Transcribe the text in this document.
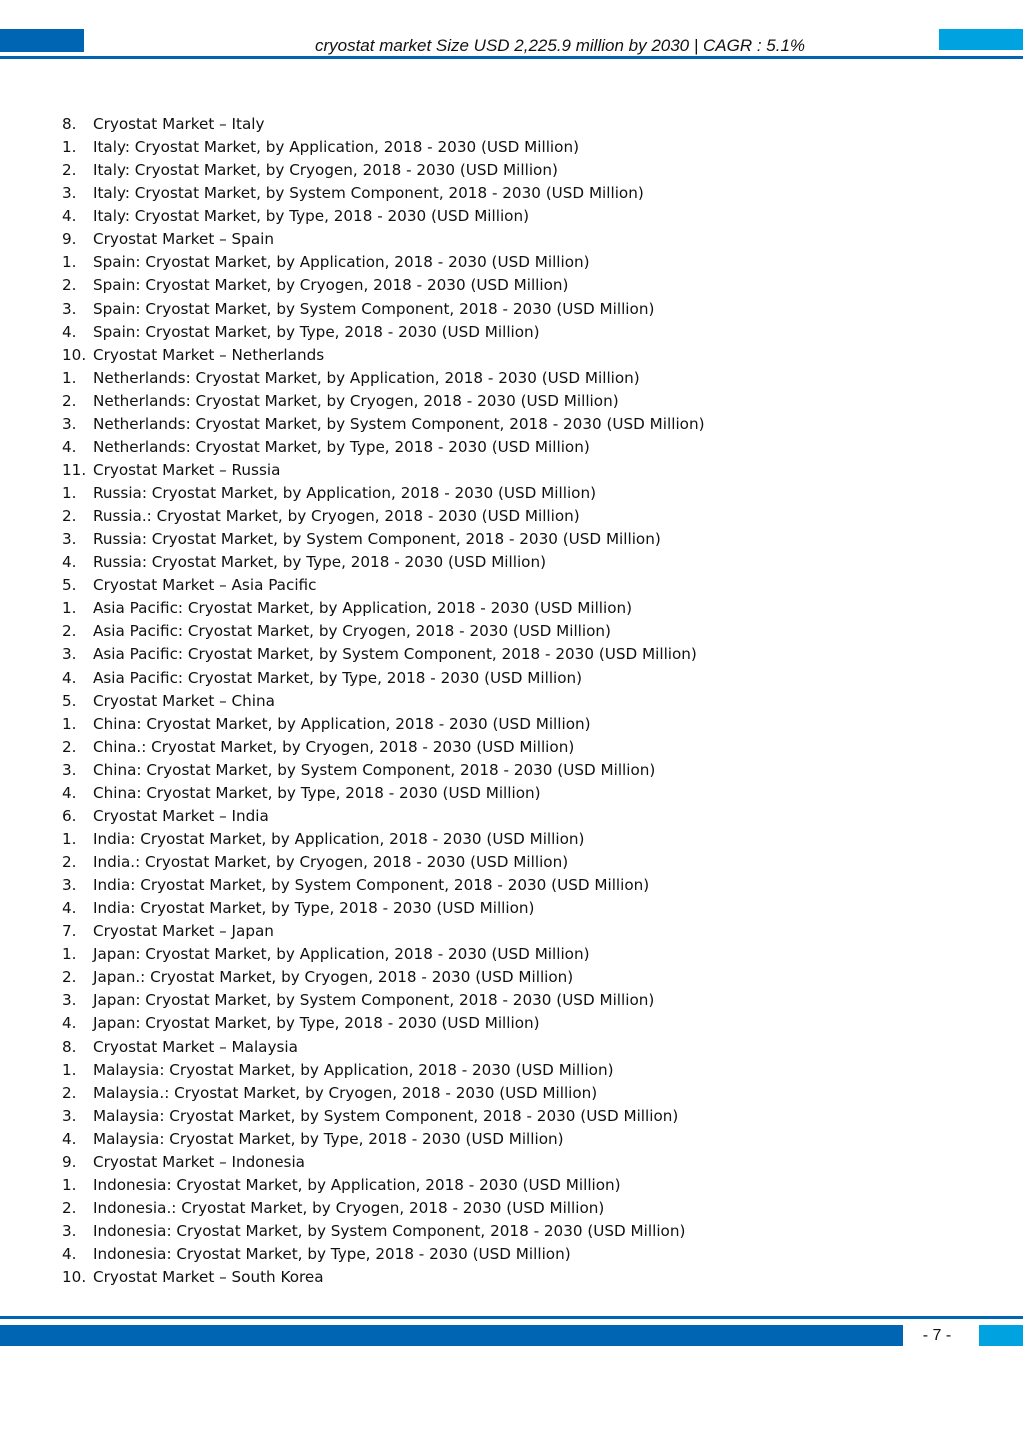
cryostat market Size USD 2,225.9 million by 2030 | CAGR : 5.1%
8.	Cryostat Market – Italy
1.	Italy: Cryostat Market, by Application, 2018 - 2030 (USD Million)
2.	Italy: Cryostat Market, by Cryogen, 2018 - 2030 (USD Million)
3.	Italy: Cryostat Market, by System Component, 2018 - 2030 (USD Million)
4.	Italy: Cryostat Market, by Type, 2018 - 2030 (USD Million)
9.	Cryostat Market – Spain
1.	Spain: Cryostat Market, by Application, 2018 - 2030 (USD Million)
2.	Spain: Cryostat Market, by Cryogen, 2018 - 2030 (USD Million)
3.	Spain: Cryostat Market, by System Component, 2018 - 2030 (USD Million)
4.	Spain: Cryostat Market, by Type, 2018 - 2030 (USD Million)
10. Cryostat Market – Netherlands
1.	Netherlands: Cryostat Market, by Application, 2018 - 2030 (USD Million)
2.	Netherlands: Cryostat Market, by Cryogen, 2018 - 2030 (USD Million)
3.	Netherlands: Cryostat Market, by System Component, 2018 - 2030 (USD Million)
4.	Netherlands: Cryostat Market, by Type, 2018 - 2030 (USD Million)
11. Cryostat Market – Russia
1.	Russia: Cryostat Market, by Application, 2018 - 2030 (USD Million)
2.	Russia.: Cryostat Market, by Cryogen, 2018 - 2030 (USD Million)
3.	Russia: Cryostat Market, by System Component, 2018 - 2030 (USD Million)
4.	Russia: Cryostat Market, by Type, 2018 - 2030 (USD Million)
5.	Cryostat Market – Asia Pacific
1.	Asia Pacific: Cryostat Market, by Application, 2018 - 2030 (USD Million)
2.	Asia Pacific: Cryostat Market, by Cryogen, 2018 - 2030 (USD Million)
3.	Asia Pacific: Cryostat Market, by System Component, 2018 - 2030 (USD Million)
4.	Asia Pacific: Cryostat Market, by Type, 2018 - 2030 (USD Million)
5.	Cryostat Market – China
1.	China: Cryostat Market, by Application, 2018 - 2030 (USD Million)
2.	China.: Cryostat Market, by Cryogen, 2018 - 2030 (USD Million)
3.	China: Cryostat Market, by System Component, 2018 - 2030 (USD Million)
4.	China: Cryostat Market, by Type, 2018 - 2030 (USD Million)
6.	Cryostat Market – India
1.	India: Cryostat Market, by Application, 2018 - 2030 (USD Million)
2.	India.: Cryostat Market, by Cryogen, 2018 - 2030 (USD Million)
3.	India: Cryostat Market, by System Component, 2018 - 2030 (USD Million)
4.	India: Cryostat Market, by Type, 2018 - 2030 (USD Million)
7.	Cryostat Market – Japan
1.	Japan: Cryostat Market, by Application, 2018 - 2030 (USD Million)
2.	Japan.: Cryostat Market, by Cryogen, 2018 - 2030 (USD Million)
3.	Japan: Cryostat Market, by System Component, 2018 - 2030 (USD Million)
4.	Japan: Cryostat Market, by Type, 2018 - 2030 (USD Million)
8.	Cryostat Market – Malaysia
1.	Malaysia: Cryostat Market, by Application, 2018 - 2030 (USD Million)
2.	Malaysia.: Cryostat Market, by Cryogen, 2018 - 2030 (USD Million)
3.	Malaysia: Cryostat Market, by System Component, 2018 - 2030 (USD Million)
4.	Malaysia: Cryostat Market, by Type, 2018 - 2030 (USD Million)
9.	Cryostat Market – Indonesia
1.	Indonesia: Cryostat Market, by Application, 2018 - 2030 (USD Million)
2.	Indonesia.: Cryostat Market, by Cryogen, 2018 - 2030 (USD Million)
3.	Indonesia: Cryostat Market, by System Component, 2018 - 2030 (USD Million)
4.	Indonesia: Cryostat Market, by Type, 2018 - 2030 (USD Million)
10. Cryostat Market – South Korea
- 7 -
